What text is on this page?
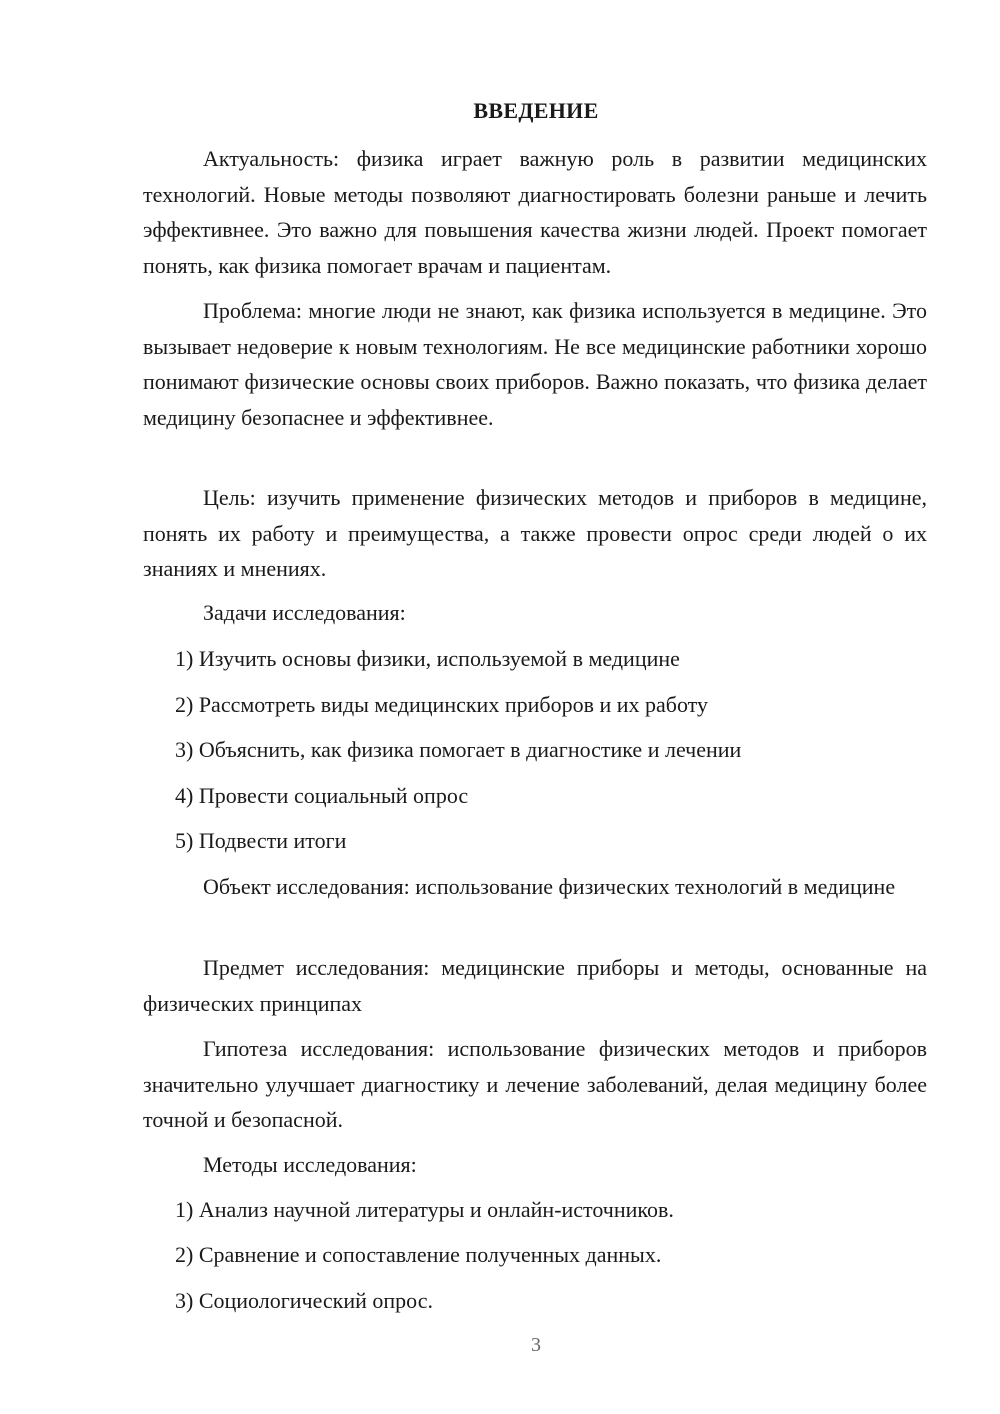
ВВЕДЕНИЕ

Актуальность: физика играет важную роль в развитии медицинских технологий. Новые методы позволяют диагностировать болезни раньше и лечить эффективнее. Это важно для повышения качества жизни людей. Проект помогает понять, как физика помогает врачам и пациентам.

Проблема: многие люди не знают, как физика используется в медицине. Это вызывает недоверие к новым технологиям. Не все медицинские работники хорошо понимают физические основы своих приборов. Важно показать, что физика делает медицину безопаснее и эффективнее.

Цель: изучить применение физических методов и приборов в медицине, понять их работу и преимущества, а также провести опрос среди людей о их знаниях и мнениях.

Задачи исследования:

1) Изучить основы физики, используемой в медицине

2) Рассмотреть виды медицинских приборов и их работу

3) Объяснить, как физика помогает в диагностике и лечении

4) Провести социальный опрос

5) Подвести итоги

Объект исследования: использование физических технологий в медицине

Предмет исследования: медицинские приборы и методы, основанные на физических принципах

Гипотеза исследования: использование физических методов и приборов значительно улучшает диагностику и лечение заболеваний, делая медицину более точной и безопасной.

Методы исследования:

1) Анализ научной литературы и онлайн-источников.

2) Сравнение и сопоставление полученных данных.

3) Социологический опрос.

3
